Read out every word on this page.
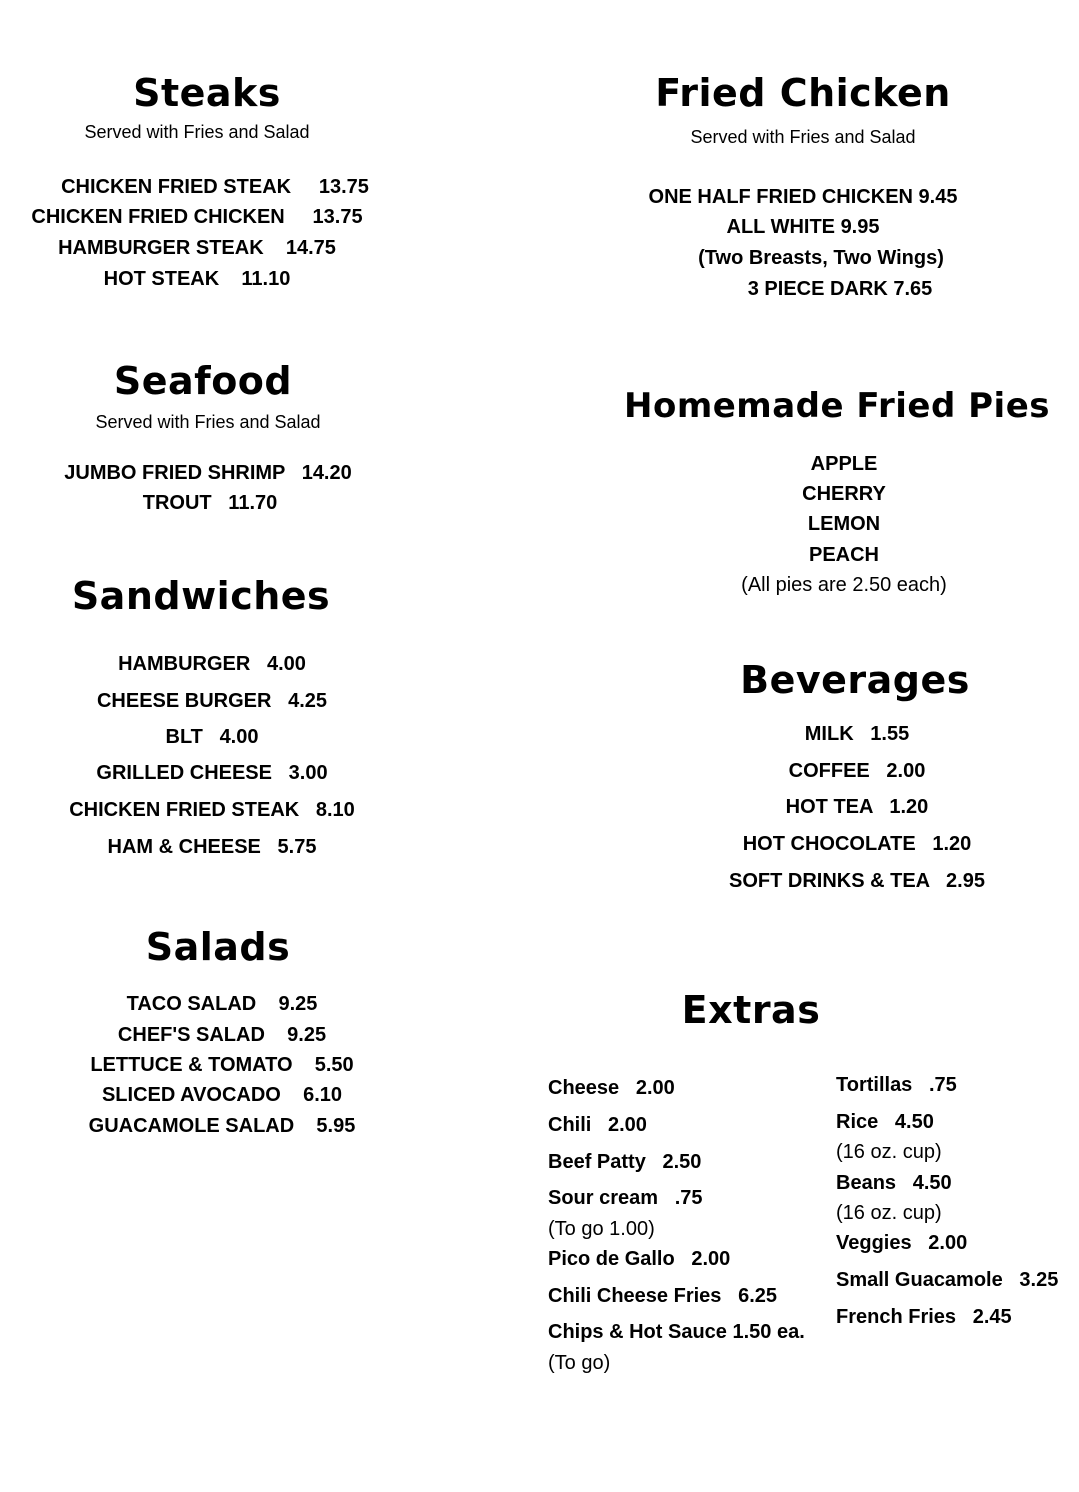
Steaks
Served with Fries and Salad
CHICKEN FRIED STEAK     13.75
CHICKEN FRIED CHICKEN     13.75
HAMBURGER STEAK    14.75
HOT STEAK    11.10
Seafood
Served with Fries and Salad
JUMBO FRIED SHRIMP   14.20
TROUT   11.70
Sandwiches
HAMBURGER   4.00
CHEESE BURGER   4.25
BLT   4.00
GRILLED CHEESE   3.00
CHICKEN FRIED STEAK   8.10
HAM & CHEESE   5.75
Salads
TACO SALAD    9.25
CHEF'S SALAD    9.25
LETTUCE & TOMATO    5.50
SLICED AVOCADO    6.10
GUACAMOLE SALAD    5.95
Fried Chicken
Served with Fries and Salad
ONE HALF FRIED CHICKEN 9.45
ALL WHITE 9.95
(Two Breasts, Two Wings)
3 PIECE DARK 7.65
Homemade Fried Pies
APPLE
CHERRY
LEMON
PEACH
(All pies are 2.50 each)
Beverages
MILK   1.55
COFFEE   2.00
HOT TEA   1.20
HOT CHOCOLATE   1.20
SOFT DRINKS & TEA   2.95
Extras
Cheese   2.00
Chili   2.00
Beef Patty   2.50
Sour cream   .75
(To go 1.00)
Pico de Gallo   2.00
Chili Cheese Fries   6.25
Chips & Hot Sauce 1.50 ea.
(To go)
Tortillas   .75
Rice   4.50
(16 oz. cup)
Beans   4.50
(16 oz. cup)
Veggies   2.00
Small Guacamole   3.25
French Fries   2.45
